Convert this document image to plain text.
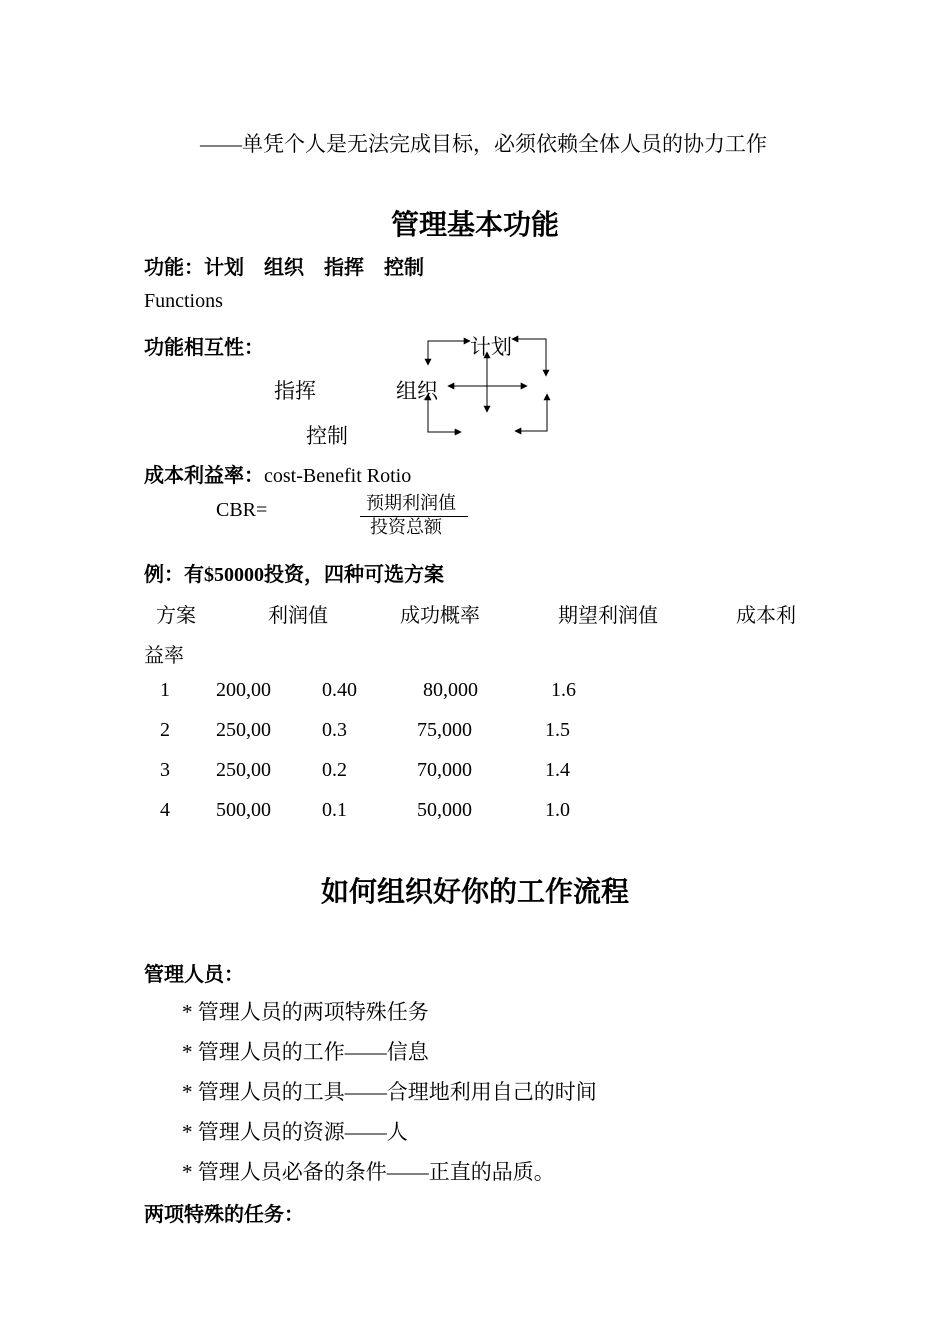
——单凭个人是无法完成目标，必须依赖全体人员的协力工作
管理基本功能
功能：计划　组织　指挥　控制
Functions
功能相互性：	计划
组织
指挥
控制
成本利益率：cost-Benefit Rotio
CBR=	预期利润值
投资总额
例：有$50000投资，四种可选方案
方案	利润值	成功概率	期望利润值	成本利
益率
1 200,00	0.40	80,000	1.6
2 250,00	0.3	75,000	1.5
3 250,00	0.2	70,000	1.4
4 500,00	0.1	50,000	1.0
如何组织好你的工作流程
管理人员：
* 管理人员的两项特殊任务
* 管理人员的工作——信息
* 管理人员的工具——合理地利用自己的时间
* 管理人员的资源——人
* 管理人员必备的条件——正直的品质。
两项特殊的任务：
